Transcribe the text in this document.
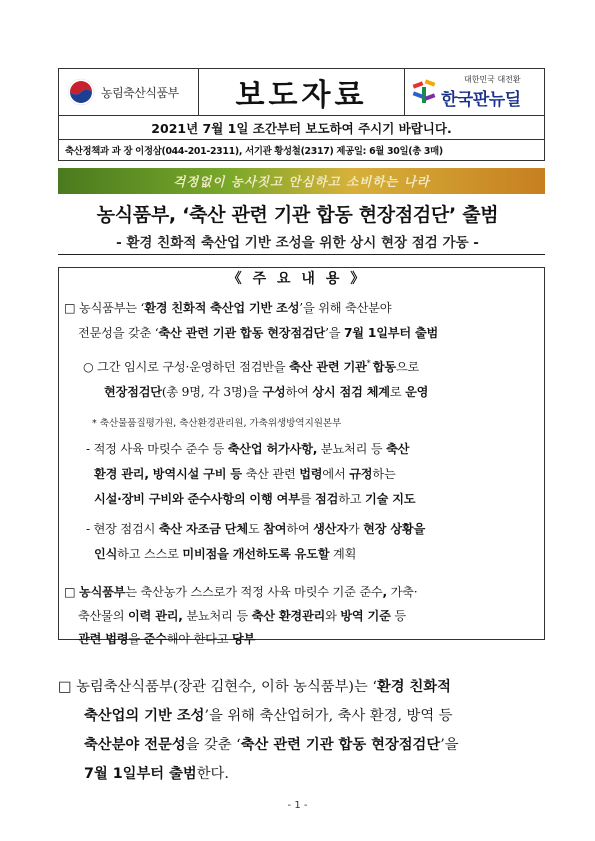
농림축산식품부	보도자료	대한민국 대전환
한국판뉴딜
2021년 7월 1일 조간부터 보도하여 주시기 바랍니다.
축산정책과 과 장 이정삼(044-201-2311), 서기관 황성철(2317) 제공일: 6월 30일(총 3매)
걱정없이 농사짓고 안심하고 소비하는 나라
농식품부, ‘축산 관련 기관 합동 현장점검단’ 출범
- 환경 친화적 축산업 기반 조성을 위한 상시 현장 점검 가동 -
《 주 요 내 용 》
□ 농식품부는 ‘환경 친화적 축산업 기반 조성’을 위해 축산분야
전문성을 갖춘 ‘축산 관련 기관 합동 현장점검단’을 7월 1일부터 출범
○ 그간 임시로 구성·운영하던 점검반을 축산 관련 기관* 합동으로
현장점검단(총 9명, 각 3명)을 구성하여 상시 점검 체계로 운영
* 축산물품질평가원, 축산환경관리원, 가축위생방역지원본부
- 적정 사육 마릿수 준수 등 축산업 허가사항, 분뇨처리 등 축산
환경 관리, 방역시설 구비 등 축산 관련 법령에서 규정하는
시설·장비 구비와 준수사항의 이행 여부를 점검하고 기술 지도
- 현장 점검시 축산 자조금 단체도 참여하여 생산자가 현장 상황을
인식하고 스스로 미비점을 개선하도록 유도할 계획
□ 농식품부는 축산농가 스스로가 적정 사육 마릿수 기준 준수, 가축·
축산물의 이력 관리, 분뇨처리 등 축산 환경관리와 방역 기준 등
관련 법령을 준수해야 한다고 당부
□ 농림축산식품부(장관 김현수, 이하 농식품부)는 ‘환경 친화적
축산업의 기반 조성’을 위해 축산업허가, 축사 환경, 방역 등
축산분야 전문성을 갖춘 ‘축산 관련 기관 합동 현장점검단’을
7월 1일부터 출범한다.
- 1 -
